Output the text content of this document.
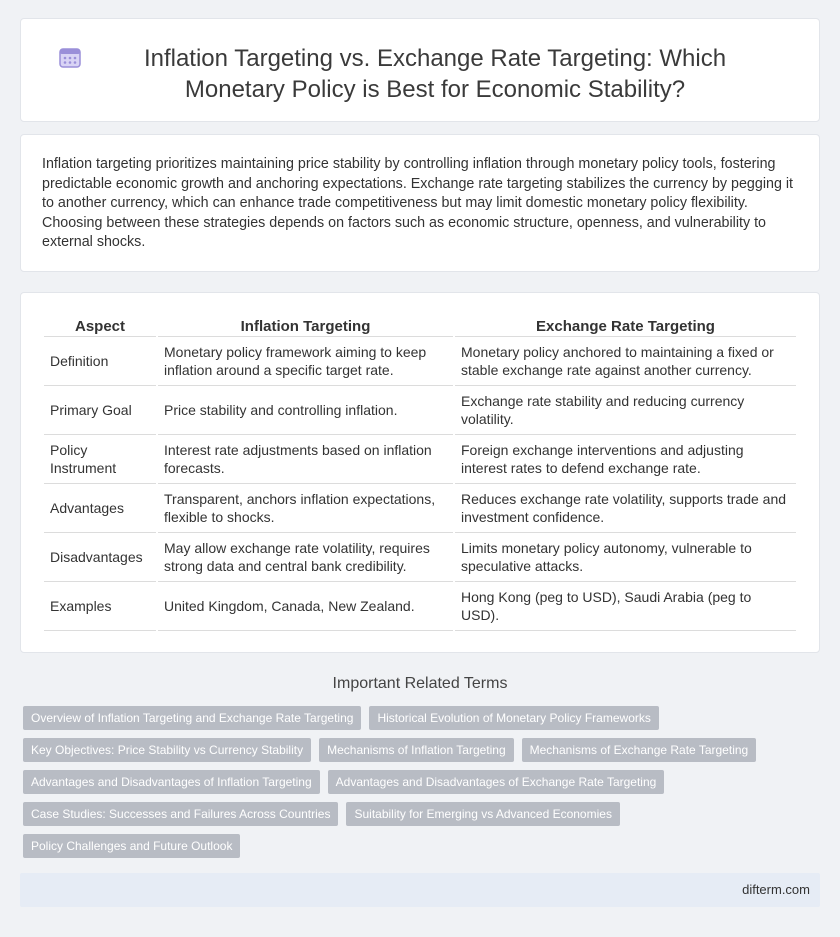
Inflation Targeting vs. Exchange Rate Targeting: Which Monetary Policy is Best for Economic Stability?

Inflation targeting prioritizes maintaining price stability by controlling inflation through monetary policy tools, fostering predictable economic growth and anchoring expectations. Exchange rate targeting stabilizes the currency by pegging it to another currency, which can enhance trade competitiveness but may limit domestic monetary policy flexibility. Choosing between these strategies depends on factors such as economic structure, openness, and vulnerability to external shocks.

Aspect	Inflation Targeting	Exchange Rate Targeting
Definition	Monetary policy framework aiming to keep inflation around a specific target rate.	Monetary policy anchored to maintaining a fixed or stable exchange rate against another currency.
Primary Goal	Price stability and controlling inflation.	Exchange rate stability and reducing currency volatility.
Policy Instrument	Interest rate adjustments based on inflation forecasts.	Foreign exchange interventions and adjusting interest rates to defend exchange rate.
Advantages	Transparent, anchors inflation expectations, flexible to shocks.	Reduces exchange rate volatility, supports trade and investment confidence.
Disadvantages	May allow exchange rate volatility, requires strong data and central bank credibility.	Limits monetary policy autonomy, vulnerable to speculative attacks.
Examples	United Kingdom, Canada, New Zealand.	Hong Kong (peg to USD), Saudi Arabia (peg to USD).
Important Related Terms
Overview of Inflation Targeting and Exchange Rate Targeting	Historical Evolution of Monetary Policy Frameworks
Key Objectives: Price Stability vs Currency Stability	Mechanisms of Inflation Targeting	Mechanisms of Exchange Rate Targeting
Advantages and Disadvantages of Inflation Targeting	Advantages and Disadvantages of Exchange Rate Targeting
Case Studies: Successes and Failures Across Countries	Suitability for Emerging vs Advanced Economies
Policy Challenges and Future Outlook
difterm.com
